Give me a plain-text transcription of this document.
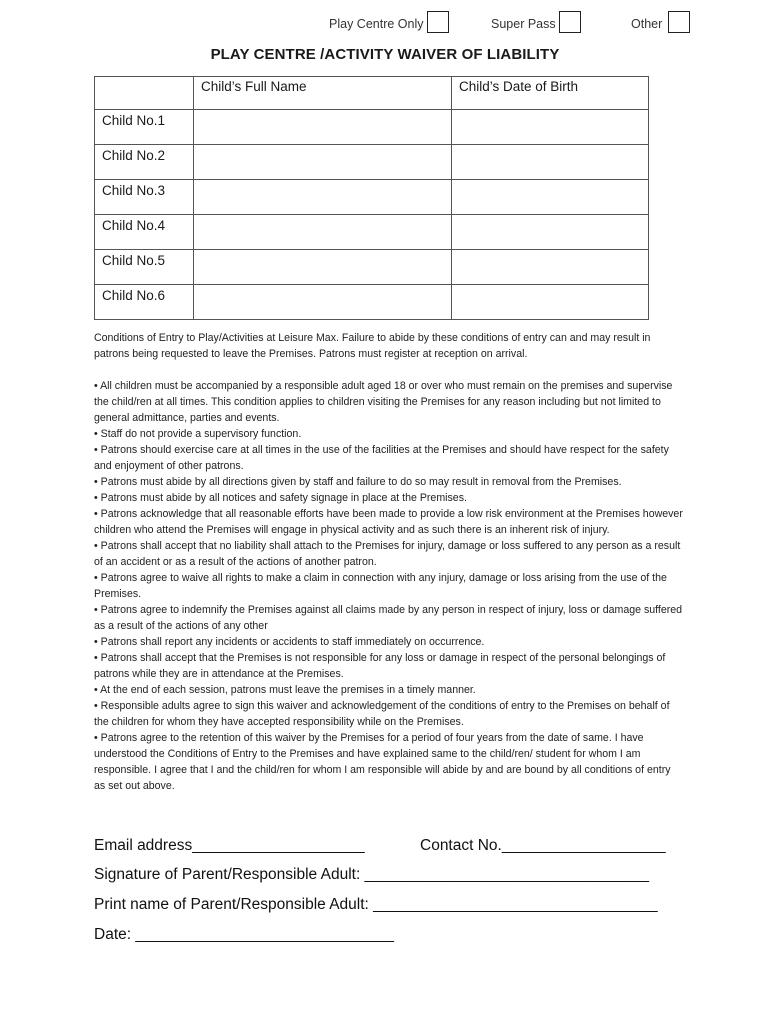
Play Centre Only	Super Pass	Other
PLAY CENTRE /ACTIVITY WAIVER OF LIABILITY
	Child’s Full Name	Child’s Date of Birth
Child No.1		
Child No.2		
Child No.3		
Child No.4		
Child No.5		
Child No.6		

Conditions of Entry to Play/Activities at Leisure Max. Failure to abide by these conditions of entry can and may result in patrons being requested to leave the Premises. Patrons must register at reception on arrival.

• All children must be accompanied by a responsible adult aged 18 or over who must remain on the premises and supervise the child/ren at all times. This condition applies to children visiting the Premises for any reason including but not limited to general admittance, parties and events.

• Staff do not provide a supervisory function.

• Patrons should exercise care at all times in the use of the facilities at the Premises and should have respect for the safety and enjoyment of other patrons.

• Patrons must abide by all directions given by staff and failure to do so may result in removal from the Premises.

• Patrons must abide by all notices and safety signage in place at the Premises.

• Patrons acknowledge that all reasonable efforts have been made to provide a low risk environment at the Premises however children who attend the Premises will engage in physical activity and as such there is an inherent risk of injury.

• Patrons shall accept that no liability shall attach to the Premises for injury, damage or loss suffered to any person as a result of an accident or as a result of the actions of another patron.

• Patrons agree to waive all rights to make a claim in connection with any injury, damage or loss arising from the use of the Premises.

• Patrons agree to indemnify the Premises against all claims made by any person in respect of injury, loss or damage suffered as a result of the actions of any other

• Patrons shall report any incidents or accidents to staff immediately on occurrence.

• Patrons shall accept that the Premises is not responsible for any loss or damage in respect of the personal belongings of patrons while they are in attendance at the Premises.

• At the end of each session, patrons must leave the premises in a timely manner.

• Responsible adults agree to sign this waiver and acknowledgement of the conditions of entry to the Premises on behalf of the children for whom they have accepted responsibility while on the Premises.

• Patrons agree to the retention of this waiver by the Premises for a period of four years from the date of same. I have understood the Conditions of Entry to the Premises and have explained same to the child/ren/ student for whom I am responsible. I agree that I and the child/ren for whom I am responsible will abide by and are bound by all conditions of entry as set out above.

Email address____________________	Contact No.___________________
Signature of Parent/Responsible Adult: _________________________________
Print name of Parent/Responsible Adult: _________________________________
Date: ______________________________
